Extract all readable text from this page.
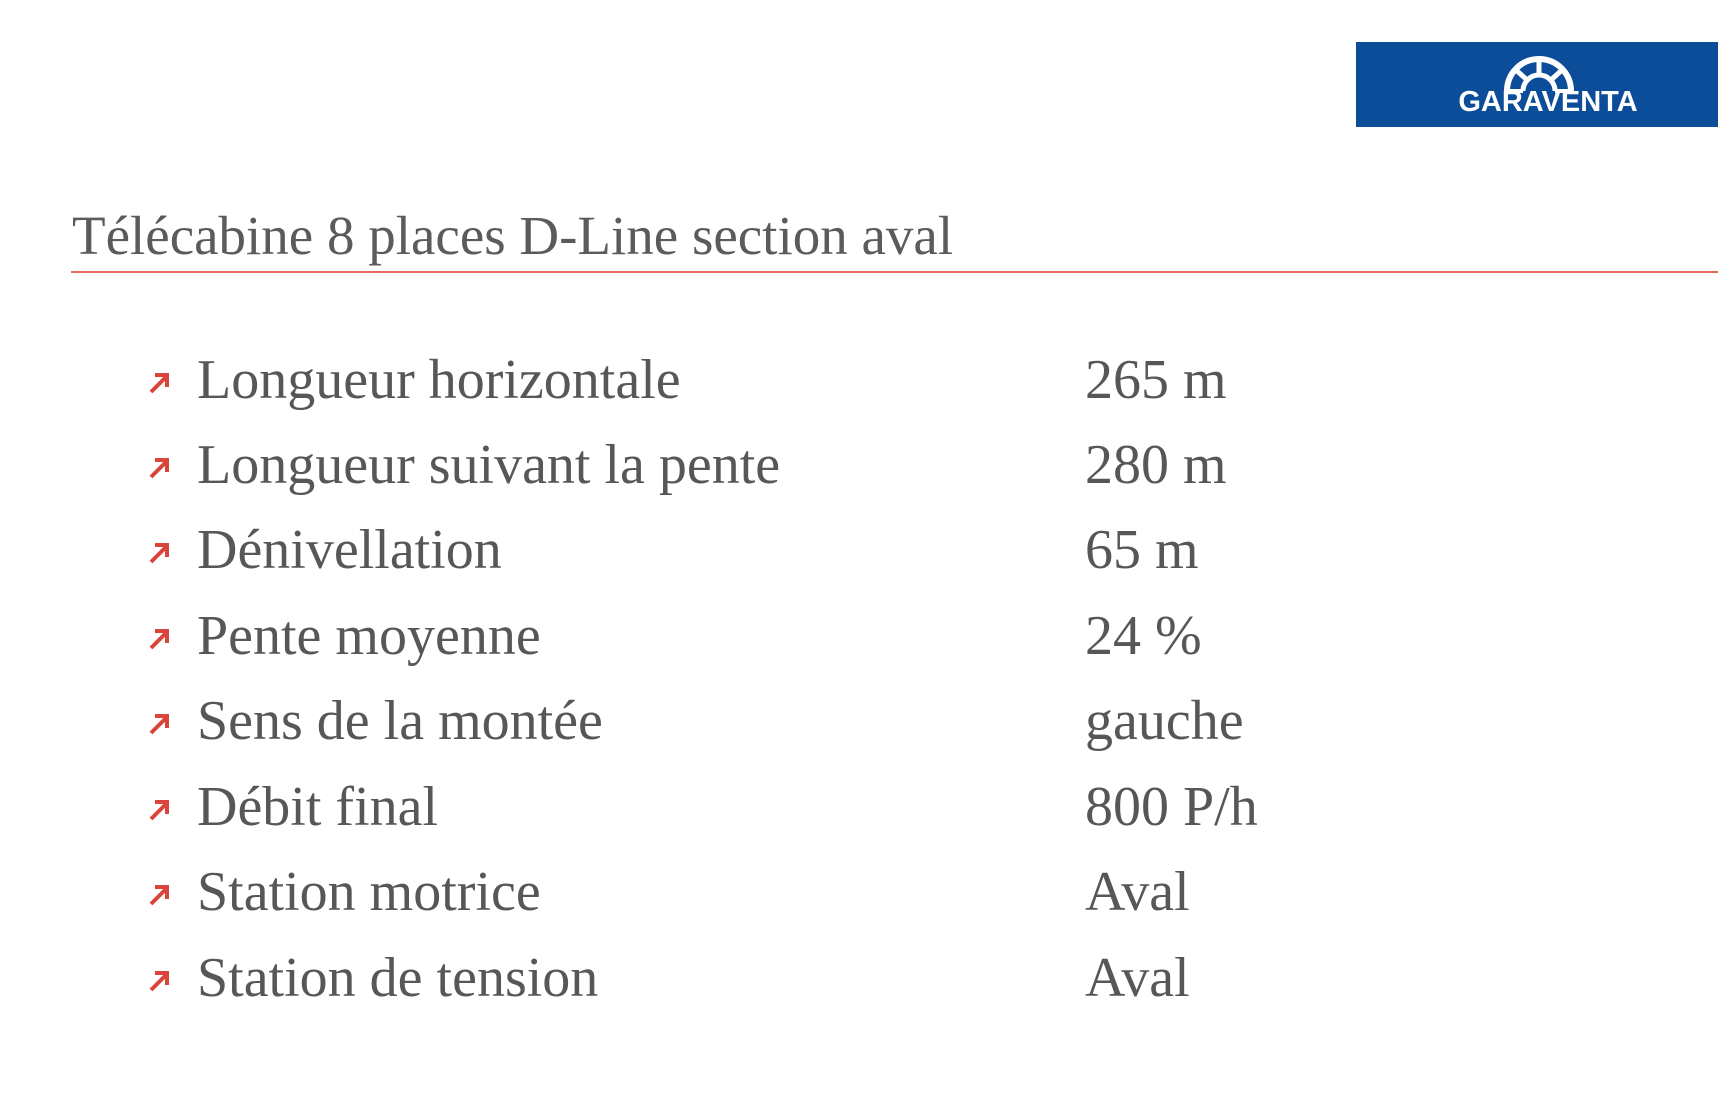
GARAVENTA
Télécabine 8 places D-Line section aval
Longueur horizontale	265 m
Longueur suivant la pente	280 m
Dénivellation	65 m
Pente moyenne	24 %
Sens de la montée	gauche
Débit final	800 P/h
Station motrice	Aval
Station de tension	Aval
